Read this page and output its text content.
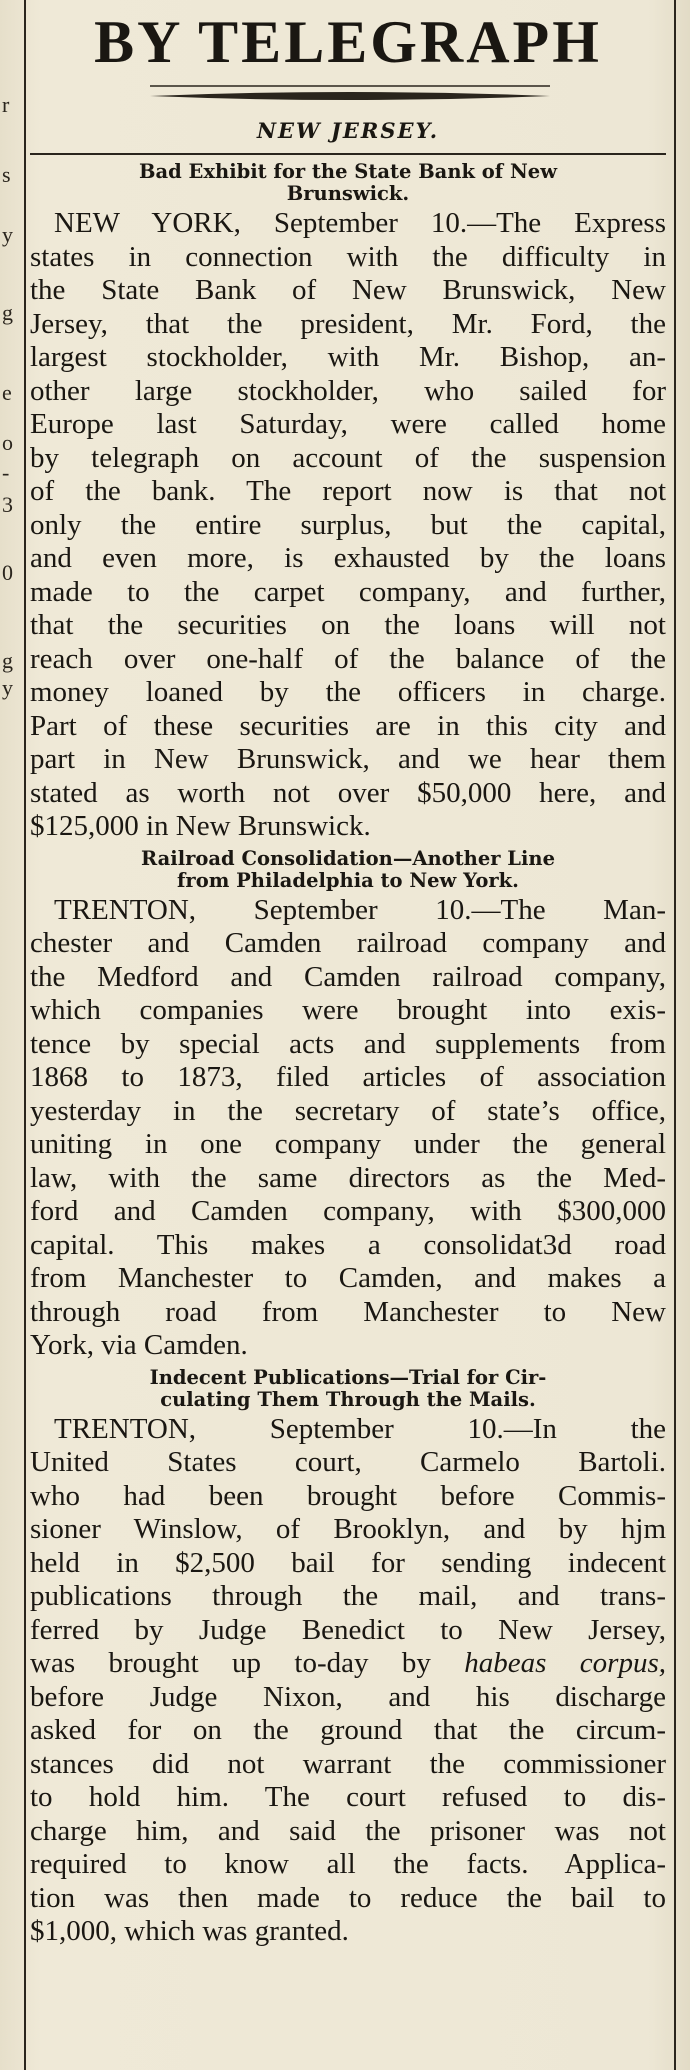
r
s
y
g
e
o
-
3
0
g
y
BY TELEGRAPH
NEW JERSEY.
Bad Exhibit for the State Bank of New
Brunswick.
NEW YORK, September 10.—The Express
states in connection with the difficulty in
the State Bank of New Brunswick, New
Jersey, that the president, Mr. Ford, the
largest stockholder, with Mr. Bishop, an-
other large stockholder, who sailed for
Europe last Saturday, were called home
by telegraph on account of the suspension
of the bank. The report now is that not
only the entire surplus, but the capital,
and even more, is exhausted by the loans
made to the carpet company, and further,
that the securities on the loans will not
reach over one-half of the balance of the
money loaned by the officers in charge.
Part of these securities are in this city and
part in New Brunswick, and we hear them
stated as worth not over $50,000 here, and
$125,000 in New Brunswick.
Railroad Consolidation—Another Line
from Philadelphia to New York.
TRENTON, September 10.—The Man-
chester and Camden railroad company and
the Medford and Camden railroad company,
which companies were brought into exis-
tence by special acts and supplements from
1868 to 1873, filed articles of association
yesterday in the secretary of state’s office,
uniting in one company under the general
law, with the same directors as the Med-
ford and Camden company, with $300,000
capital. This makes a consolidat3d road
from Manchester to Camden, and makes a
through road from Manchester to New
York, via Camden.
Indecent Publications—Trial for Cir-
culating Them Through the Mails.
TRENTON, September 10.—In the
United States court, Carmelo Bartoli.
who had been brought before Commis-
sioner Winslow, of Brooklyn, and by hjm
held in $2,500 bail for sending indecent
publications through the mail, and trans-
ferred by Judge Benedict to New Jersey,
was brought up to-day by habeas corpus,
before Judge Nixon, and his discharge
asked for on the ground that the circum-
stances did not warrant the commissioner
to hold him. The court refused to dis-
charge him, and said the prisoner was not
required to know all the facts. Applica-
tion was then made to reduce the bail to
$1,000, which was granted.
